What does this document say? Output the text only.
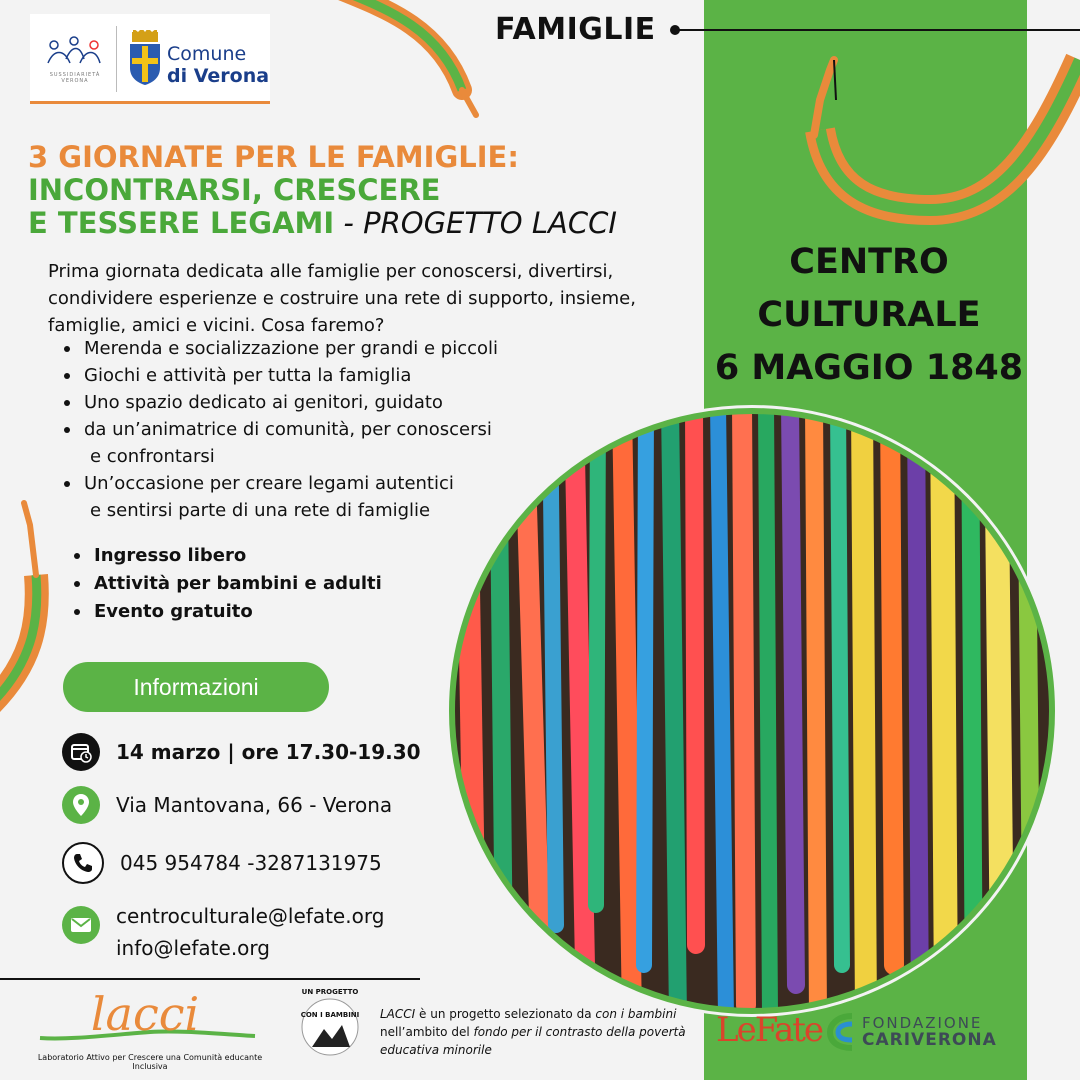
FAMIGLIE
SUSSIDIARIETÀ VERONA
Comune
di Verona
3 GIORNATE PER LE FAMIGLIE:
INCONTRARSI, CRESCERE
E TESSERE LEGAMI - PROGETTO LACCI
Prima giornata dedicata alle famiglie per conoscersi, divertirsi, condividere esperienze e costruire una rete di supporto, insieme, famiglie, amici e vicini. Cosa faremo?
Merenda e socializzazione per grandi e piccoli
Giochi e attività per tutta la famiglia
Uno spazio dedicato ai genitori, guidato
da un’animatrice di comunità, per conoscersi
e confrontarsi
Un’occasione per creare legami autentici
e sentirsi parte di una rete di famiglie
Ingresso libero
Attività per bambini e adulti
Evento gratuito
Informazioni
14 marzo | ore 17.30-19.30
Via Mantovana, 66 - Verona
045 954784 -3287131975
centroculturale@lefate.org
info@lefate.org
CENTRO
CULTURALE
6 MAGGIO 1848
lacci
Laboratorio Attivo per Crescere una Comunità educante Inclusiva
UN PROGETTO
CON I BAMBINI LACCI è un progetto selezionato da con i bambini nell’ambito del fondo per il contrasto della povertà educativa minorile	LeFate	FONDAZIONE
CARIVERONA
